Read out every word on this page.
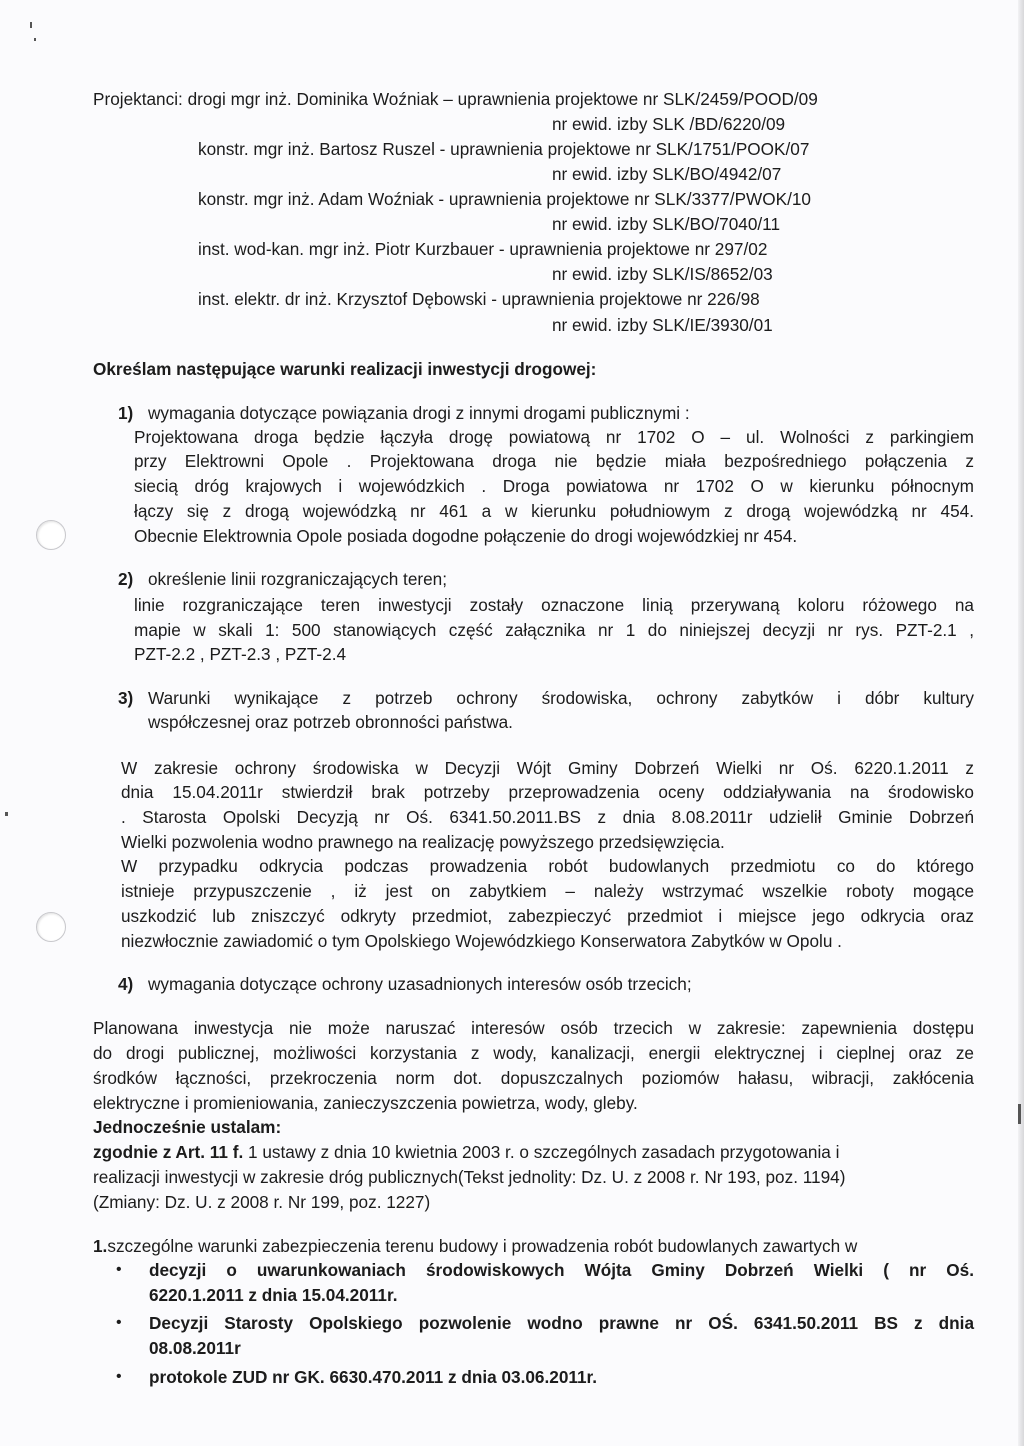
Projektanci: drogi mgr inż. Dominika Woźniak – uprawnienia projektowe nr SLK/2459/POOD/09
nr ewid. izby SLK /BD/6220/09
konstr. mgr inż. Bartosz Ruszel - uprawnienia projektowe nr SLK/1751/POOK/07
nr ewid. izby SLK/BO/4942/07
konstr. mgr inż. Adam Woźniak - uprawnienia projektowe nr SLK/3377/PWOK/10
nr ewid. izby SLK/BO/7040/11
inst. wod-kan. mgr inż. Piotr Kurzbauer - uprawnienia projektowe nr 297/02
nr ewid. izby SLK/IS/8652/03
inst. elektr. dr inż. Krzysztof Dębowski - uprawnienia projektowe nr 226/98
nr ewid. izby SLK/IE/3930/01
Określam następujące warunki realizacji inwestycji drogowej:
1) wymagania dotyczące powiązania drogi z innymi drogami publicznymi :
Projektowana droga będzie łączyła drogę powiatową nr 1702 O – ul. Wolności z parkingiem
przy Elektrowni Opole . Projektowana droga nie będzie miała bezpośredniego połączenia z
siecią dróg krajowych i wojewódzkich . Droga powiatowa nr 1702 O w kierunku północnym
łączy się z drogą wojewódzką nr 461 a w kierunku południowym z drogą wojewódzką nr 454.
Obecnie Elektrownia Opole posiada dogodne połączenie do drogi wojewódzkiej nr 454.
2) określenie linii rozgraniczających teren;
linie rozgraniczające teren inwestycji zostały oznaczone linią przerywaną koloru różowego na
mapie w skali 1: 500 stanowiących część załącznika nr 1 do niniejszej decyzji nr rys. PZT-2.1 ,
PZT-2.2 , PZT-2.3 , PZT-2.4
3) Warunki wynikające z potrzeb ochrony środowiska, ochrony zabytków i dóbr kultury
współczesnej oraz potrzeb obronności państwa.
W zakresie ochrony środowiska w Decyzji Wójt Gminy Dobrzeń Wielki nr Oś. 6220.1.2011 z
dnia 15.04.2011r stwierdził brak potrzeby przeprowadzenia oceny oddziaływania na środowisko
. Starosta Opolski Decyzją nr Oś. 6341.50.2011.BS z dnia 8.08.2011r udzielił Gminie Dobrzeń
Wielki pozwolenia wodno prawnego na realizację powyższego przedsięwzięcia.
W przypadku odkrycia podczas prowadzenia robót budowlanych przedmiotu co do którego
istnieje przypuszczenie , iż jest on zabytkiem – należy wstrzymać wszelkie roboty mogące
uszkodzić lub zniszczyć odkryty przedmiot, zabezpieczyć przedmiot i miejsce jego odkrycia oraz
niezwłocznie zawiadomić o tym Opolskiego Wojewódzkiego Konserwatora Zabytków w Opolu .
4) wymagania dotyczące ochrony uzasadnionych interesów osób trzecich;
Planowana inwestycja nie może naruszać interesów osób trzecich w zakresie: zapewnienia dostępu
do drogi publicznej, możliwości korzystania z wody, kanalizacji, energii elektrycznej i cieplnej oraz ze
środków łączności, przekroczenia norm dot. dopuszczalnych poziomów hałasu, wibracji, zakłócenia
elektryczne i promieniowania, zanieczyszczenia powietrza, wody, gleby.
Jednocześnie ustalam:
zgodnie z Art. 11 f. 1 ustawy z dnia 10 kwietnia 2003 r. o szczególnych zasadach przygotowania i
realizacji inwestycji w zakresie dróg publicznych(Tekst jednolity: Dz. U. z 2008 r. Nr 193, poz. 1194)
(Zmiany: Dz. U. z 2008 r. Nr 199, poz. 1227)
1.szczególne warunki zabezpieczenia terenu budowy i prowadzenia robót budowlanych zawartych w
• decyzji o uwarunkowaniach środowiskowych Wójta Gminy Dobrzeń Wielki ( nr Oś.
6220.1.2011 z dnia 15.04.2011r.
• Decyzji Starosty Opolskiego pozwolenie wodno prawne nr OŚ. 6341.50.2011 BS z dnia
08.08.2011r
• protokole ZUD nr GK. 6630.470.2011 z dnia 03.06.2011r.
